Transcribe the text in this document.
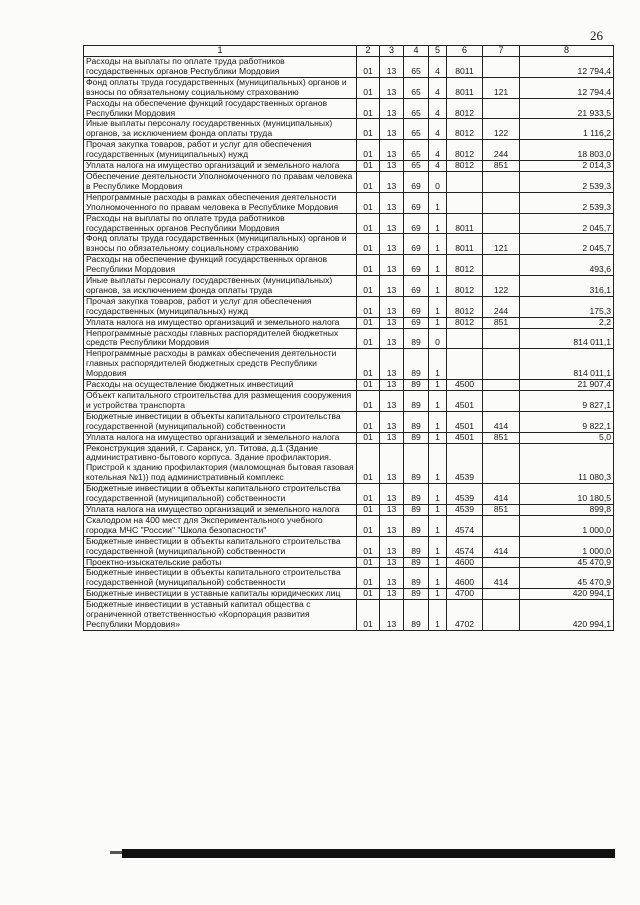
26
1	2	3	4	5	6	7	8
Расходы на выплаты по оплате труда работников государственных органов Республики Мордовия	01	13	65	4	8011		12 794,4
Фонд оплаты труда государственных (муниципальных) органов и взносы по обязательному социальному страхованию	01	13	65	4	8011	121	12 794,4
Расходы на обеспечение функций государственных органов Республики Мордовия	01	13	65	4	8012		21 933,5
Иные выплаты персоналу государственных (муниципальных) органов, за исключением фонда оплаты труда	01	13	65	4	8012	122	1 116,2
Прочая закупка товаров, работ и услуг для обеспечения государственных (муниципальных) нужд	01	13	65	4	8012	244	18 803,0
Уплата налога на имущество организаций и земельного налога	01	13	65	4	8012	851	2 014,3
Обеспечение деятельности Уполномоченного по правам человека в Республике Мордовия	01	13	69	0			2 539,3
Непрограммные расходы в рамках обеспечения деятельности Уполномоченного по правам человека в Республике Мордовия	01	13	69	1			2 539,3
Расходы на выплаты по оплате труда работников государственных органов Республики Мордовия	01	13	69	1	8011		2 045,7
Фонд оплаты труда государственных (муниципальных) органов и взносы по обязательному социальному страхованию	01	13	69	1	8011	121	2 045,7
Расходы на обеспечение функций государственных органов Республики Мордовия	01	13	69	1	8012		493,6
Иные выплаты персоналу государственных (муниципальных) органов, за исключением фонда оплаты труда	01	13	69	1	8012	122	316,1
Прочая закупка товаров, работ и услуг для обеспечения государственных (муниципальных) нужд	01	13	69	1	8012	244	175,3
Уплата налога на имущество организаций и земельного налога	01	13	69	1	8012	851	2,2
Непрограммные расходы главных распорядителей бюджетных средств Республики Мордовия	01	13	89	0			814 011,1
Непрограммные расходы в рамках обеспечения деятельности главных распорядителей бюджетных средств Республики Мордовия	01	13	89	1			814 011,1
Расходы на осуществление бюджетных инвестиций	01	13	89	1	4500		21 907,4
Объект капитального строительства для размещения сооружения и устройства транспорта	01	13	89	1	4501		9 827,1
Бюджетные инвестиции в объекты капитального строительства государственной (муниципальной) собственности	01	13	89	1	4501	414	9 822,1
Уплата налога на имущество организаций и земельного налога	01	13	89	1	4501	851	5,0
Реконструкция зданий, г. Саранск, ул. Титова, д.1 (Здание административно-бытового корпуса. Здание профилактория. Пристрой к зданию профилактория (маломощная бытовая газовая котельная №1)) под административный комплекс	01	13	89	1	4539		11 080,3
Бюджетные инвестиции в объекты капитального строительства государственной (муниципальной) собственности	01	13	89	1	4539	414	10 180,5
Уплата налога на имущество организаций и земельного налога	01	13	89	1	4539	851	899,8
Скалодром на 400 мест для Экспериментального учебного городка МЧС "России" "Школа безопасности"	01	13	89	1	4574		1 000,0
Бюджетные инвестиции в объекты капитального строительства государственной (муниципальной) собственности	01	13	89	1	4574	414	1 000,0
Проектно-изыскательские работы	01	13	89	1	4600		45 470,9
Бюджетные инвестиции в объекты капитального строительства государственной (муниципальной) собственности	01	13	89	1	4600	414	45 470,9
Бюджетные инвестиции в уставные капиталы юридических лиц	01	13	89	1	4700		420 994,1
Бюджетные инвестиции в уставный капитал общества с ограниченной ответственностью «Корпорация развития Республики Мордовия»	01	13	89	1	4702		420 994,1
